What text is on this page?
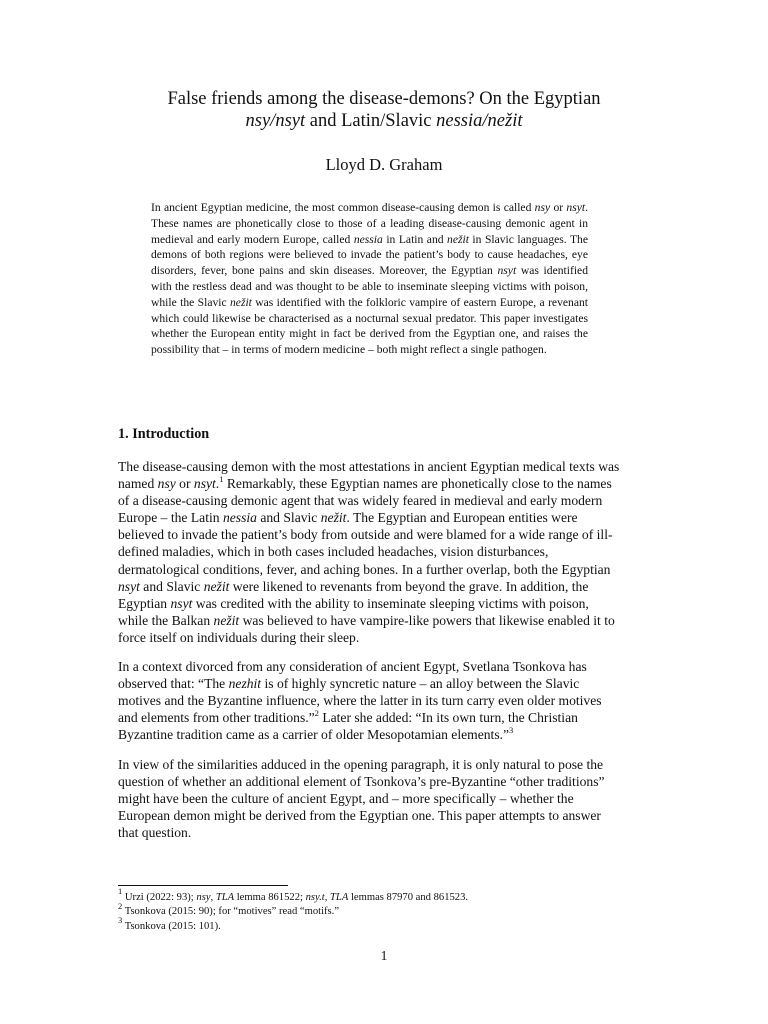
False friends among the disease-demons? On the Egyptian
nsy/nsyt and Latin/Slavic nessia/nežit
Lloyd D. Graham

In ancient Egyptian medicine, the most common disease-causing demon is called nsy or nsyt. These names are phonetically close to those of a leading disease-causing demonic agent in medieval and early modern Europe, called nessia in Latin and nežit in Slavic languages. The demons of both regions were believed to invade the patient’s body to cause headaches, eye disorders, fever, bone pains and skin diseases. Moreover, the Egyptian nsyt was identified with the restless dead and was thought to be able to inseminate sleeping victims with poison, while the Slavic nežit was identified with the folkloric vampire of eastern Europe, a revenant which could likewise be characterised as a nocturnal sexual predator. This paper investigates whether the European entity might in fact be derived from the Egyptian one, and raises the possibility that – in terms of modern medicine – both might reflect a single pathogen.

1. Introduction

The disease-causing demon with the most attestations in ancient Egyptian medical texts was named nsy or nsyt.$^1$ Remarkably, these Egyptian names are phonetically close to the names of a disease-causing demonic agent that was widely feared in medieval and early modern Europe – the Latin nessia and Slavic nežit. The Egyptian and European entities were believed to invade the patient’s body from outside and were blamed for a wide range of ill-defined maladies, which in both cases included headaches, vision disturbances, dermatological conditions, fever, and aching bones. In a further overlap, both the Egyptian nsyt and Slavic nežit were likened to revenants from beyond the grave. In addition, the Egyptian nsyt was credited with the ability to inseminate sleeping victims with poison, while the Balkan nežit was believed to have vampire-like powers that likewise enabled it to force itself on individuals during their sleep.

In a context divorced from any consideration of ancient Egypt, Svetlana Tsonkova has observed that: “The nezhit is of highly syncretic nature – an alloy between the Slavic motives and the Byzantine influence, where the latter in its turn carry even older motives and elements from other traditions.”$^2$ Later she added: “In its own turn, the Christian Byzantine tradition came as a carrier of older Mesopotamian elements.”$^3$

In view of the similarities adduced in the opening paragraph, it is only natural to pose the question of whether an additional element of Tsonkova’s pre-Byzantine “other traditions” might have been the culture of ancient Egypt, and – more specifically – whether the European demon might be derived from the Egyptian one. This paper attempts to answer that question.

$^1$ Urzi (2022: 93); nsy, TLA lemma 861522; nsy.t, TLA lemmas 87970 and 861523.
$^2$ Tsonkova (2015: 90); for “motives” read “motifs.”
$^3$ Tsonkova (2015: 101).
1
